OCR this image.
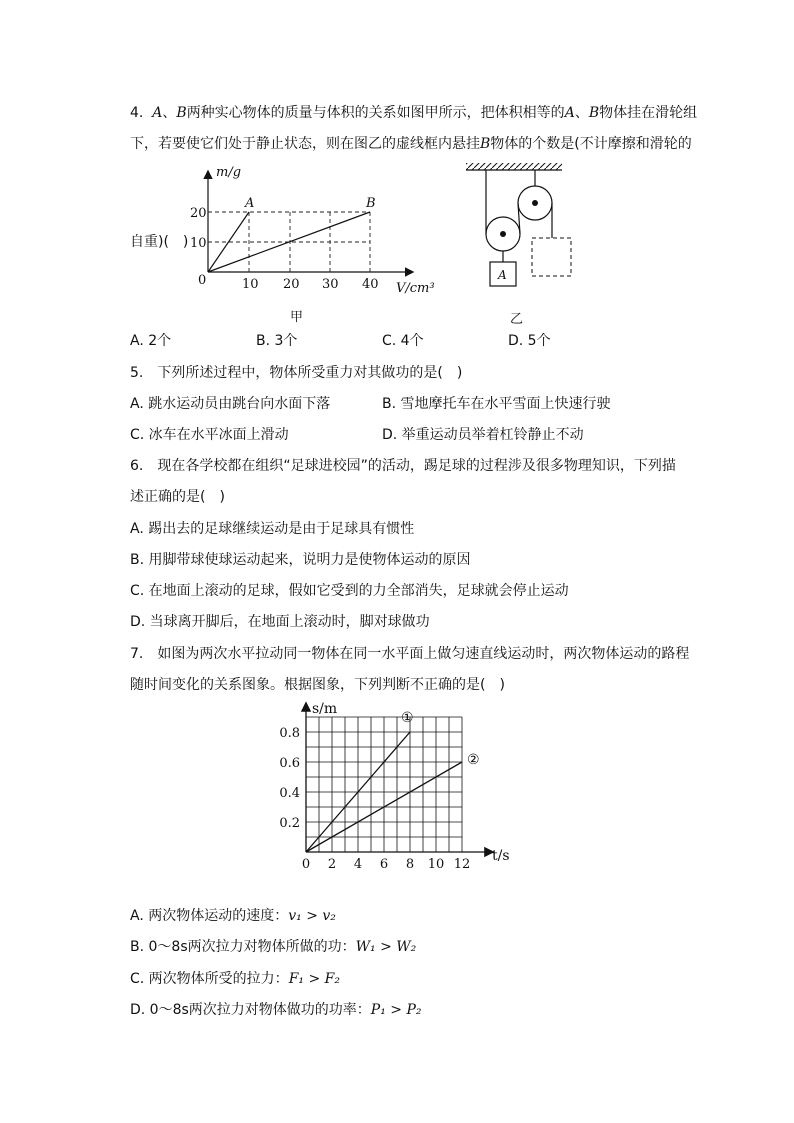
4. A、B两种实心物体的质量与体积的关系如图甲所示，把体积相等的A、B物体挂在滑轮组
下，若要使它们处于静止状态，则在图乙的虚线框内悬挂B物体的个数是(不计摩擦和滑轮的
自重)(　)
m/g
A	B
20
10
0	10 20 30 40 V/cm³
甲
A
乙
A. 2个	B. 3个	C. 4个	D. 5个
5.　下列所述过程中，物体所受重力对其做功的是(　)
A. 跳水运动员由跳台向水面下落	B. 雪地摩托车在水平雪面上快速行驶
C. 冰车在水平冰面上滑动	D. 举重运动员举着杠铃静止不动
6.　现在各学校都在组织“足球进校园”的活动，踢足球的过程涉及很多物理知识，下列描
述正确的是(　)
A. 踢出去的足球继续运动是由于足球具有惯性
B. 用脚带球使球运动起来，说明力是使物体运动的原因
C. 在地面上滚动的足球，假如它受到的力全部消失，足球就会停止运动
D. 当球离开脚后，在地面上滚动时，脚对球做功
7.　如图为两次水平拉动同一物体在同一水平面上做匀速直线运动时，两次物体运动的路程
随时间变化的关系图象。根据图象，下列判断不正确的是(　)
①
②
0 2 4 6 8 10 12
0.2
0.4
0.6
0.8
s/m
t/s
A. 两次物体运动的速度：v₁ > v₂
B. 0～8s两次拉力对物体所做的功：W₁ > W₂
C. 两次物体所受的拉力：F₁ > F₂
D. 0～8s两次拉力对物体做功的功率：P₁ > P₂
